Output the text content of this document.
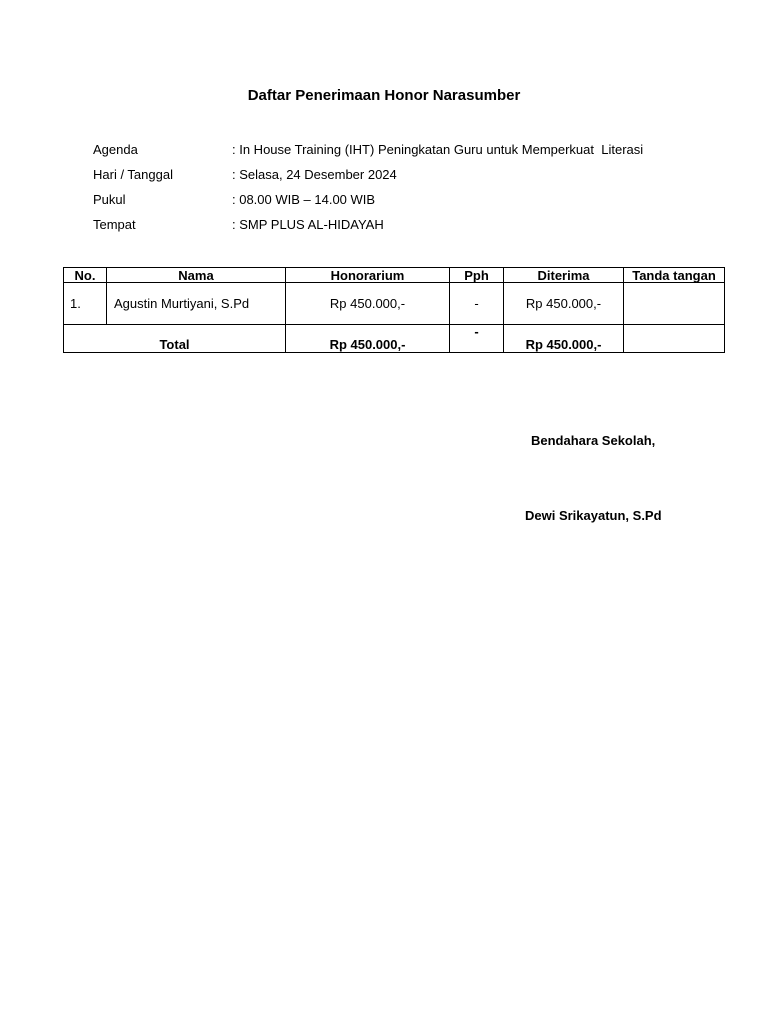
Daftar Penerimaan Honor Narasumber
Agenda	: In House Training (IHT) Peningkatan Guru untuk Memperkuat  Literasi
Hari / Tanggal	: Selasa, 24 Desember 2024
Pukul	: 08.00 WIB – 14.00 WIB
Tempat	: SMP PLUS AL-HIDAYAH
No.	Nama	Honorarium	Pph	Diterima	Tanda tangan
1.	Agustin Murtiyani, S.Pd	Rp 450.000,-	-	Rp 450.000,-	
Total		Rp 450.000,-	-	Rp 450.000,-	
Bendahara Sekolah,
Dewi Srikayatun, S.Pd
